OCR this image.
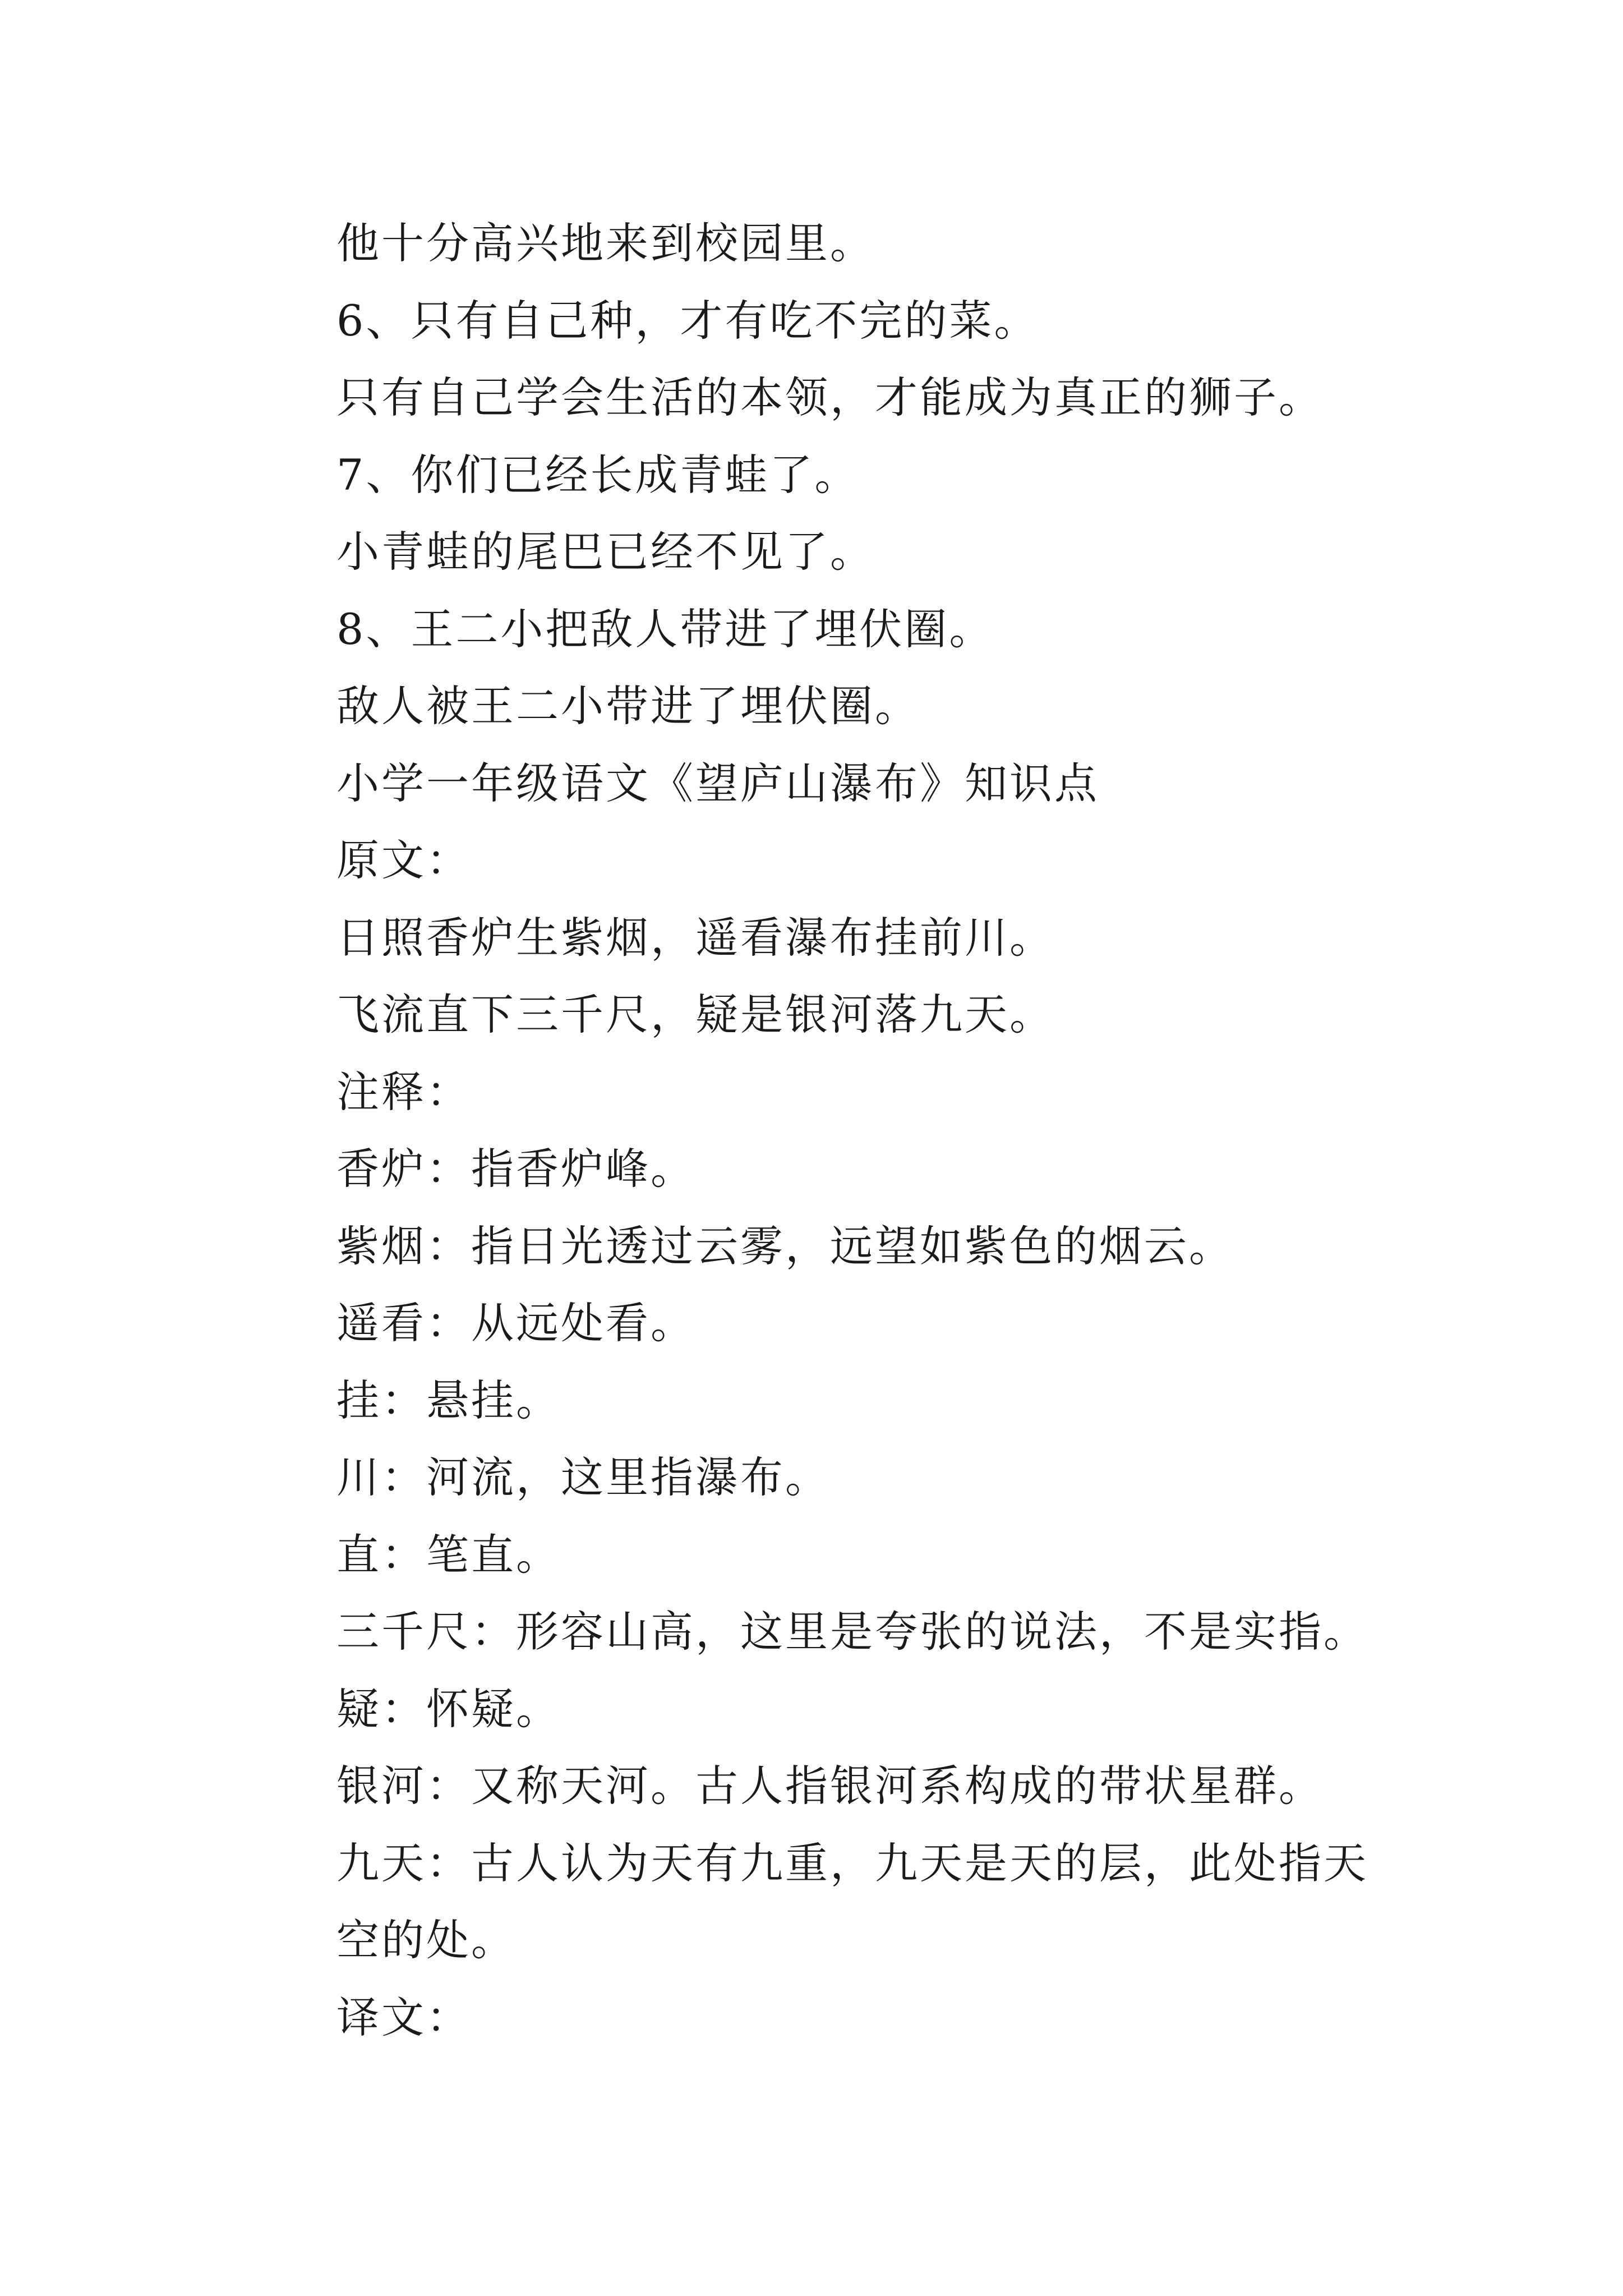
他十分高兴地来到校园里。

6、只有自己种，才有吃不完的菜。

只有自己学会生活的本领，才能成为真正的狮子。

7、你们已经长成青蛙了。

小青蛙的尾巴已经不见了。

8、王二小把敌人带进了埋伏圈。

敌人被王二小带进了埋伏圈。

小学一年级语文《望庐山瀑布》知识点

原文：

日照香炉生紫烟，遥看瀑布挂前川。

飞流直下三千尺，疑是银河落九天。

注释：

香炉：指香炉峰。

紫烟：指日光透过云雾，远望如紫色的烟云。

遥看：从远处看。

挂：悬挂。

川：河流，这里指瀑布。

直：笔直。

三千尺：形容山高，这里是夸张的说法，不是实指。

疑：怀疑。

银河：又称天河。古人指银河系构成的带状星群。

九天：古人认为天有九重，九天是天的层，此处指天空的处。

译文：
